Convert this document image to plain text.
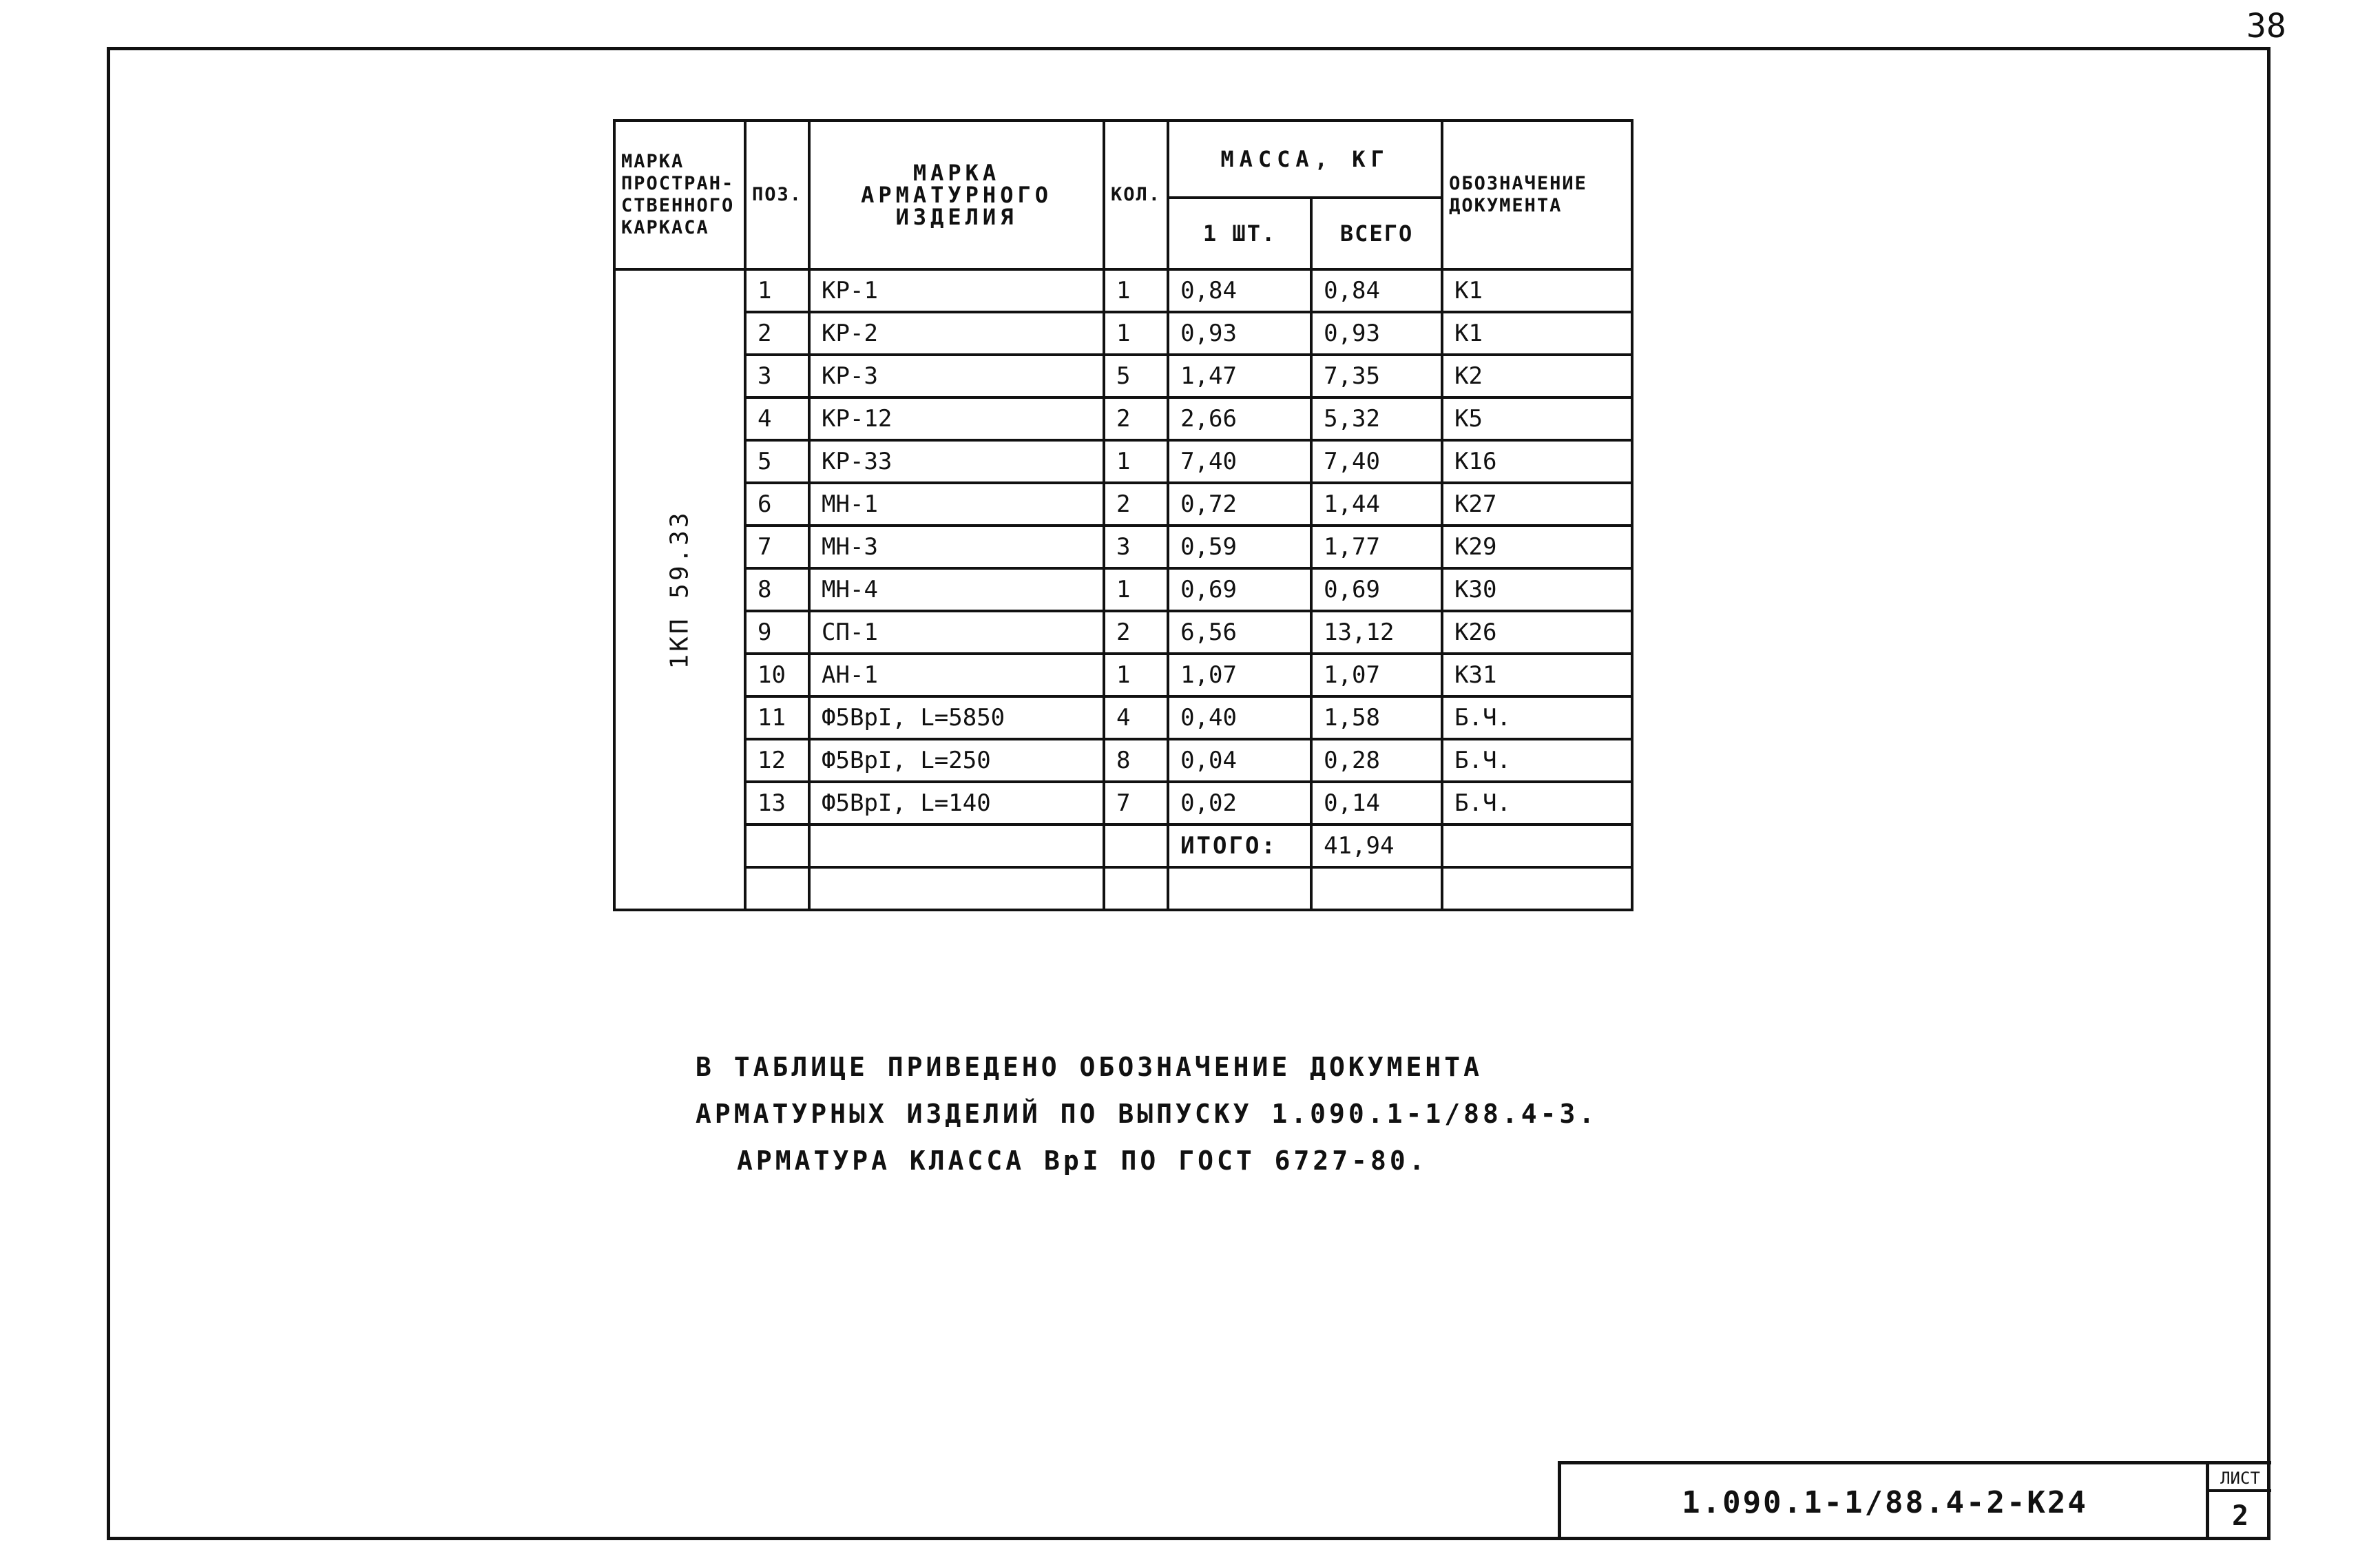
38
МАРКА ПРОСТРАН-СТВЕННОГО КАРКАСА	ПОЗ.	МАРКА АРМАТУРНОГО ИЗДЕЛИЯ	КОЛ.	МАССА, КГ		ОБОЗНАЧЕНИЕ ДОКУМЕНТА
				1 ШТ.	ВСЕГО	

1КП 59.33	1	КР-1	1	0,84	0,84	К1
	2	КР-2	1	0,93	0,93	К1
	3	КР-3	5	1,47	7,35	К2
	4	КР-12	2	2,66	5,32	К5
	5	КР-33	1	7,40	7,40	К16
	6	МН-1	2	0,72	1,44	К27
	7	МН-3	3	0,59	1,77	К29
	8	МН-4	1	0,69	0,69	К30
	9	СП-1	2	6,56	13,12	К26
	10	АН-1	1	1,07	1,07	К31
	11	Ф5ВрI, L=5850	4	0,40	1,58	Б.Ч.
	12	Ф5ВрI, L=250	8	0,04	0,28	Б.Ч.
	13	Ф5ВрI, L=140	7	0,02	0,14	Б.Ч.
				ИТОГО:	41,94	

В ТАБЛИЦЕ ПРИВЕДЕНО ОБОЗНАЧЕНИЕ ДОКУМЕНТА
АРМАТУРНЫХ ИЗДЕЛИЙ ПО ВЫПУСКУ 1.090.1-1/88.4-3.
АРМАТУРА КЛАССА ВрI ПО ГОСТ 6727-80.
1.090.1-1/88.4-2-К24
ЛИСТ
2
